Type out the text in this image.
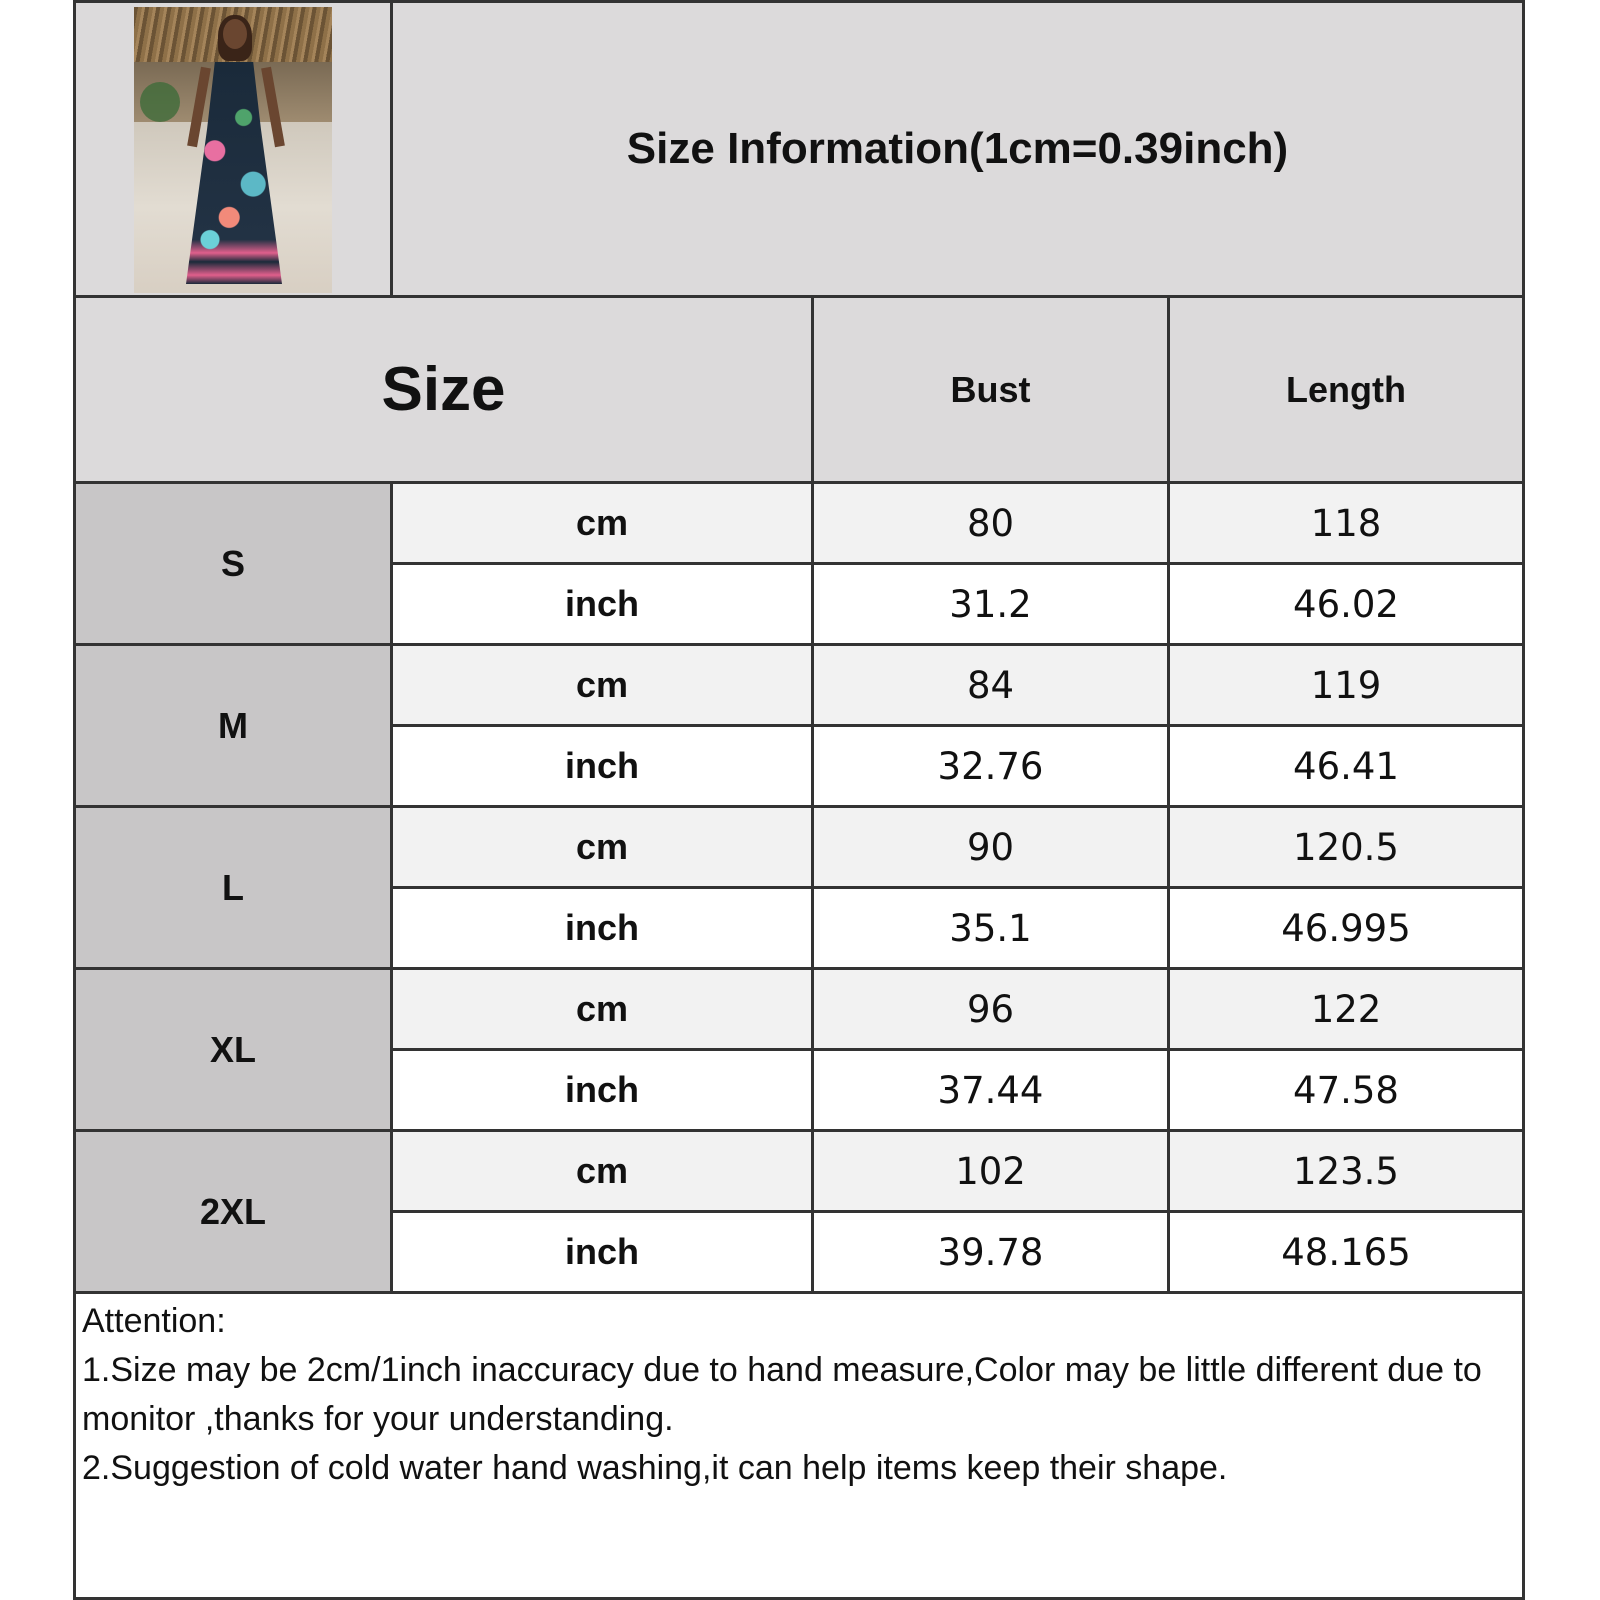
Size Information(1cm=0.39inch)
Size	Bust	Length
S
cm	80	118
inch	31.2	46.02
M
cm	84	119
inch	32.76	46.41
L
cm	90	120.5
inch	35.1	46.995
XL
cm	96	122
inch	37.44	47.58
2XL
cm	102	123.5
inch	39.78	48.165
Attention:
1.Size may be 2cm/1inch inaccuracy due to hand measure,Color may be little different due to monitor ,thanks for your understanding.
2.Suggestion of cold water hand washing,it can help items keep their shape.
